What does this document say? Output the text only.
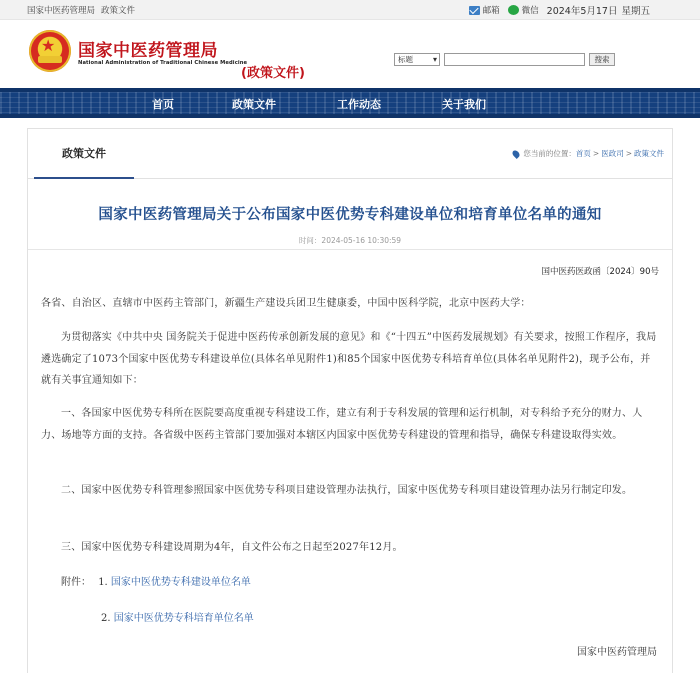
国家中医药管理局 政策文件	邮箱	微信 2024年5月17日 星期五
★
国家中医药管理局
National Administration of Traditional Chinese Medicine
(政策文件)
标题 ▾	搜索
首页	政策文件	工作动态	关于我们
政策文件	您当前的位置： 首页 > 医政司 > 政策文件
国家中医药管理局关于公布国家中医优势专科建设单位和培育单位名单的通知
时间：2024-05-16 10:30:59
国中医药医政函〔2024〕90号
各省、自治区、直辖市中医药主管部门，新疆生产建设兵团卫生健康委，中国中医科学院，北京中医药大学：
为贯彻落实《中共中央 国务院关于促进中医药传承创新发展的意见》和《“十四五”中医药发展规划》有关要求，按照工作程序，我局遴选确定了1073个国家中医优势专科建设单位(具体名单见附件1)和85个国家中医优势专科培育单位(具体名单见附件2)，现予公布，并就有关事宜通知如下：
一、各国家中医优势专科所在医院要高度重视专科建设工作，建立有利于专科发展的管理和运行机制，对专科给予充分的财力、人力、场地等方面的支持。各省级中医药主管部门要加强对本辖区内国家中医优势专科建设的管理和指导，确保专科建设取得实效。
二、国家中医优势专科管理参照国家中医优势专科项目建设管理办法执行，国家中医优势专科项目建设管理办法另行制定印发。
三、国家中医优势专科建设周期为4年，自文件公布之日起至2027年12月。
附件： 1. 国家中医优势专科建设单位名单
2. 国家中医优势专科培育单位名单
国家中医药管理局
